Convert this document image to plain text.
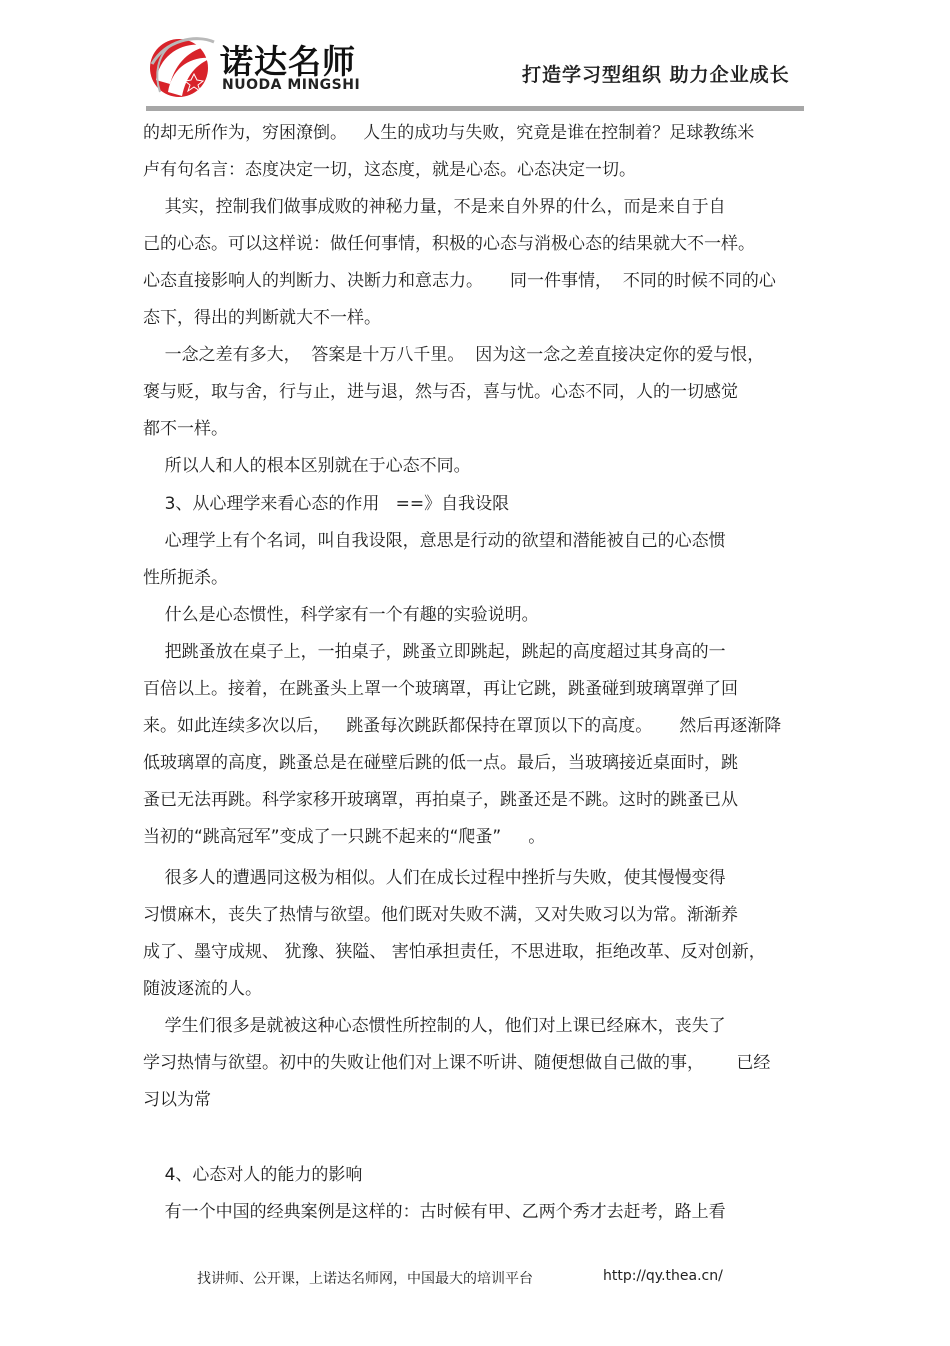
诺达名师
NUODA MINGSHI	打造学习型组织 助力企业成长
的却无所作为，穷困潦倒。   人生的成功与失败，究竟是谁在控制着？足球教练米
卢有句名言：态度决定一切，这态度，就是心态。心态决定一切。
其实，控制我们做事成败的神秘力量，不是来自外界的什么，而是来自于自
己的心态。可以这样说：做任何事情，积极的心态与消极心态的结果就大不一样。
心态直接影响人的判断力、决断力和意志力。     同一件事情，  不同的时候不同的心
态下，得出的判断就大不一样。
一念之差有多大，  答案是十万八千里。  因为这一念之差直接决定你的爱与恨，
褒与贬，取与舍，行与止，进与退，然与否，喜与忧。心态不同，人的一切感觉
都不一样。
所以人和人的根本区别就在于心态不同。
3、从心理学来看心态的作用   ==》自我设限
心理学上有个名词，叫自我设限，意思是行动的欲望和潜能被自己的心态惯
性所扼杀。
什么是心态惯性，科学家有一个有趣的实验说明。
把跳蚤放在桌子上，一拍桌子，跳蚤立即跳起，跳起的高度超过其身高的一
百倍以上。接着，在跳蚤头上罩一个玻璃罩，再让它跳，跳蚤碰到玻璃罩弹了回
来。如此连续多次以后，   跳蚤每次跳跃都保持在罩顶以下的高度。     然后再逐渐降
低玻璃罩的高度，跳蚤总是在碰壁后跳的低一点。最后，当玻璃接近桌面时，跳
蚤已无法再跳。科学家移开玻璃罩，再拍桌子，跳蚤还是不跳。这时的跳蚤已从
当初的“跳高冠军”变成了一只跳不起来的“爬蚤”     。
很多人的遭遇同这极为相似。人们在成长过程中挫折与失败，使其慢慢变得
习惯麻木，丧失了热情与欲望。他们既对失败不满，又对失败习以为常。渐渐养
成了、墨守成规、 犹豫、狭隘、 害怕承担责任，不思进取，拒绝改革、反对创新，
随波逐流的人。
学生们很多是就被这种心态惯性所控制的人，他们对上课已经麻木，丧失了
学习热情与欲望。初中的失败让他们对上课不听讲、随便想做自己做的事，      已经
习以为常
4、心态对人的能力的影响
有一个中国的经典案例是这样的：古时候有甲、乙两个秀才去赶考，路上看
找讲师、公开课，上诺达名师网，中国最大的培训平台	http://qy.thea.cn/
